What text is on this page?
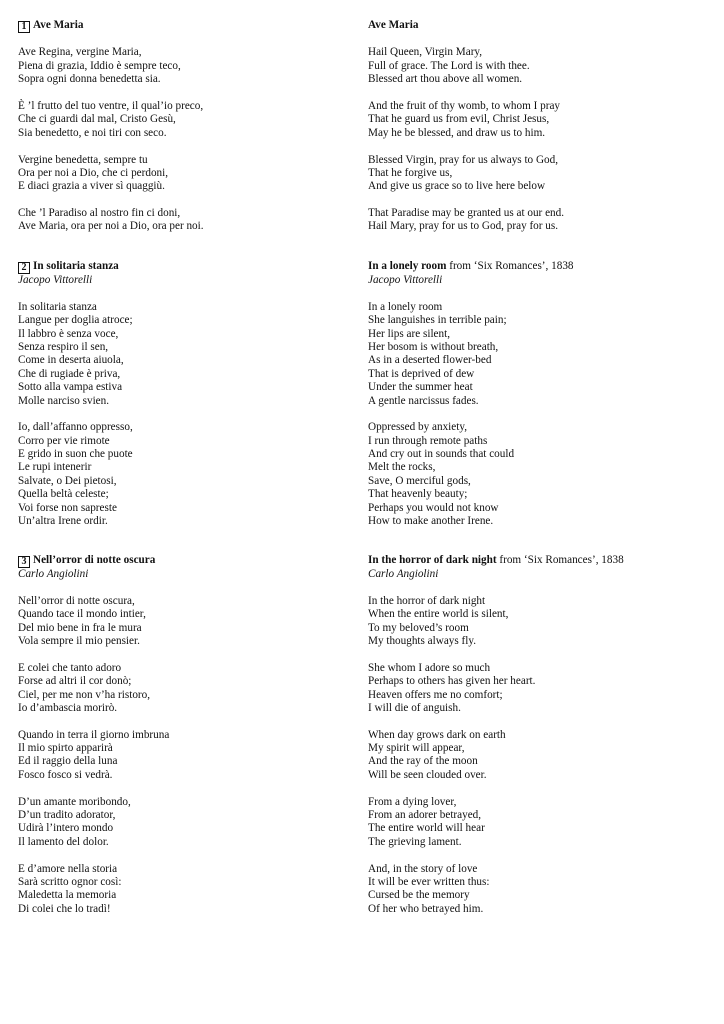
1 Ave Maria
Ave Regina, vergine Maria,
Piena di grazia, Iddio è sempre teco,
Sopra ogni donna benedetta sia.
È ’l frutto del tuo ventre, il qual’io preco,
Che ci guardi dal mal, Cristo Gesù,
Sia benedetto, e noi tiri con seco.
Vergine benedetta, sempre tu
Ora per noi a Dio, che ci perdoni,
E diaci grazia a viver sì quaggiù.
Che ’l Paradiso al nostro fin ci doni,
Ave Maria, ora per noi a Dio, ora per noi.
2 In solitaria stanza
Jacopo Vittorelli
In solitaria stanza
Langue per doglia atroce;
Il labbro è senza voce,
Senza respiro il sen,
Come in deserta aiuola,
Che di rugiade è priva,
Sotto alla vampa estiva
Molle narciso svien.
Io, dall’affanno oppresso,
Corro per vie rimote
E grido in suon che puote
Le rupi intenerir
Salvate, o Dei pietosi,
Quella beltà celeste;
Voi forse non sapreste
Un’altra Irene ordir.
3 Nell’orror di notte oscura
Carlo Angiolini
Nell’orror di notte oscura,
Quando tace il mondo intier,
Del mio bene in fra le mura
Vola sempre il mio pensier.
E colei che tanto adoro
Forse ad altri il cor donò;
Ciel, per me non v’ha ristoro,
Io d’ambascia morirò.
Quando in terra il giorno imbruna
Il mio spirto apparirà
Ed il raggio della luna
Fosco fosco si vedrà.
D’un amante moribondo,
D’un tradito adorator,
Udirà l’intero mondo
Il lamento del dolor.
E d’amore nella storia
Sarà scritto ognor così:
Maledetta la memoria
Di colei che lo tradì!
Ave Maria
Hail Queen, Virgin Mary,
Full of grace. The Lord is with thee.
Blessed art thou above all women.
And the fruit of thy womb, to whom I pray
That he guard us from evil, Christ Jesus,
May he be blessed, and draw us to him.
Blessed Virgin, pray for us always to God,
That he forgive us,
And give us grace so to live here below
That Paradise may be granted us at our end.
Hail Mary, pray for us to God, pray for us.
In a lonely room from ‘Six Romances’, 1838
Jacopo Vittorelli
In a lonely room
She languishes in terrible pain;
Her lips are silent,
Her bosom is without breath,
As in a deserted flower-bed
That is deprived of dew
Under the summer heat
A gentle narcissus fades.
Oppressed by anxiety,
I run through remote paths
And cry out in sounds that could
Melt the rocks,
Save, O merciful gods,
That heavenly beauty;
Perhaps you would not know
How to make another Irene.
In the horror of dark night from ‘Six Romances’, 1838
Carlo Angiolini
In the horror of dark night
When the entire world is silent,
To my beloved’s room
My thoughts always fly.
She whom I adore so much
Perhaps to others has given her heart.
Heaven offers me no comfort;
I will die of anguish.
When day grows dark on earth
My spirit will appear,
And the ray of the moon
Will be seen clouded over.
From a dying lover,
From an adorer betrayed,
The entire world will hear
The grieving lament.
And, in the story of love
It will be ever written thus:
Cursed be the memory
Of her who betrayed him.
